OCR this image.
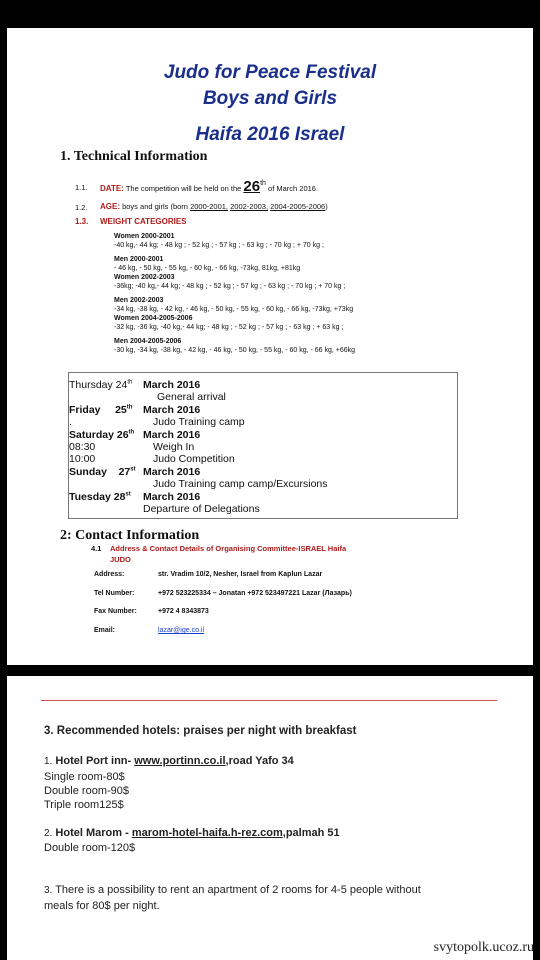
Judo for Peace Festival
Boys and Girls
Haifa 2016 Israel
1. Technical Information
1.1. DATE: The competition will be held on the 26th of March 2016.
1.2. AGE: boys and girls (born 2000-2001, 2002-2003, 2004-2005-2006)
1.3. WEIGHT CATEGORIES
Women 2000-2001
-40 kg,- 44 kg; - 48 kg ; - 52 kg ; - 57 kg ; - 63 kg ; - 70 kg ; + 70 kg ;
Men 2000-2001
- 46 kg, - 50 kg, - 55 kg, - 60 kg, - 66 kg, -73kg, 81kg, +81kg
Women 2002-2003
-36kg; -40 kg,- 44 kg; - 48 kg ; - 52 kg ; - 57 kg ; - 63 kg ; - 70 kg ; + 70 kg ;
Men 2002-2003
-34 kg, -38 kg, - 42 kg, - 46 kg, - 50 kg, - 55 kg, - 60 kg, - 66 kg, -73kg, +73kg
Women 2004-2005-2006
-32 kg, -36 kg, -40 kg,- 44 kg; - 48 kg ; - 52 kg ; - 57 kg ; - 63 kg ; + 63 kg ;
Men 2004-2005-2006
-30 kg, -34 kg, -38 kg, - 42 kg, - 46 kg, - 50 kg, - 55 kg, - 60 kg, - 66 kg, +66kg
Thursday 24th March 2016
General arrival
Friday     25th March 2016
.	Judo Training camp
Saturday 26th March 2016
08:30	Weigh In
10:00	Judo Competition
Sunday    27st March 2016
Judo Training camp camp/Excursions
Tuesday 28st March 2016
Departure of Delegations
2: Contact Information
4.1 Address & Contact Details of Organising Committee-ISRAEL Haifa
JUDO
Address:	str. Vradim 10/2, Nesher, Israel from Kaplun Lazar
Tel Number:	+972 523225334 – Jonatan +972 523497221 Lazar (Лазарь)
Fax Number:	+972 4 8343873
Email:	lazar@ige.co.il
3. Recommended hotels: praises per night with breakfast
1. Hotel Port inn- www.portinn.co.il,road Yafo 34
Single room-80$
Double room-90$
Triple room125$
2. Hotel Marom - marom-hotel-haifa.h-rez.com,palmah 51
Double room-120$
3. There is a possibility to rent an apartment of 2 rooms for 4-5 people without
meals for 80$ per night.
svytopolk.ucoz.ru
